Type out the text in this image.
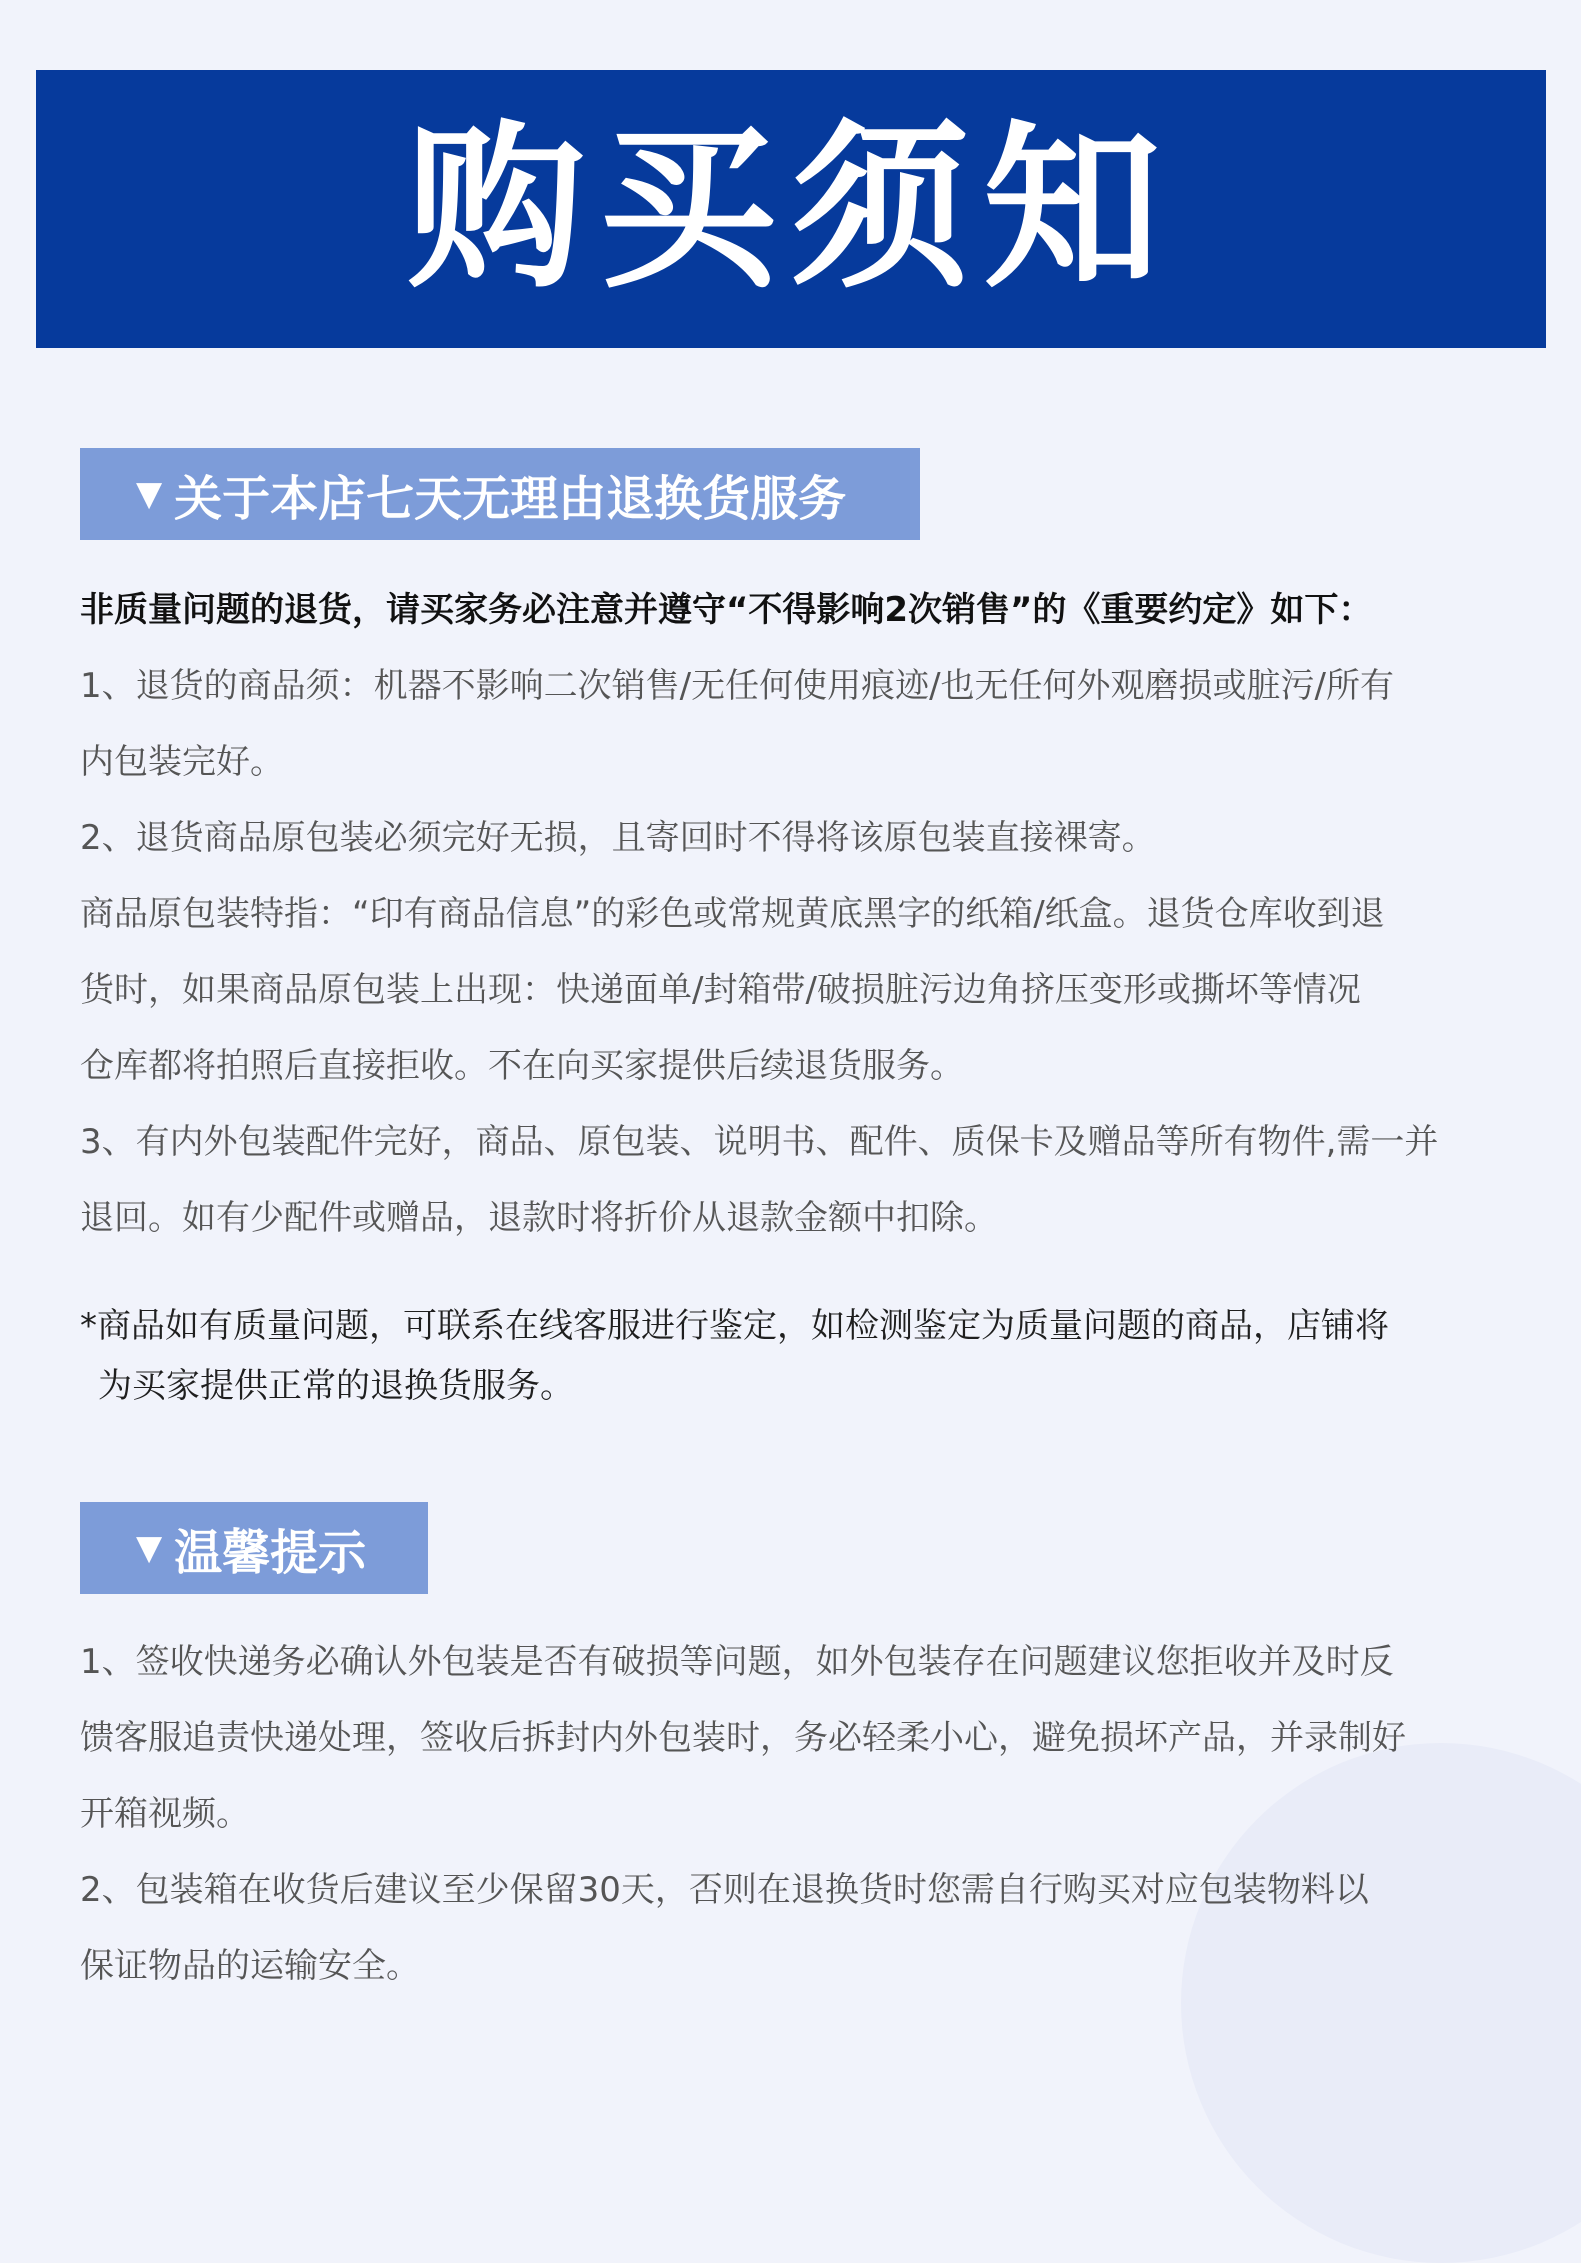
购买须知
▼ 关于本店七天无理由退换货服务

非质量问题的退货，请买家务必注意并遵守“不得影响2次销售”的《重要约定》如下：

1、退货的商品须：机器不影响二次销售/无任何使用痕迹/也无任何外观磨损或脏污/所有

内包装完好。

2、退货商品原包装必须完好无损，且寄回时不得将该原包装直接裸寄。

商品原包装特指：“印有商品信息”的彩色或常规黄底黑字的纸箱/纸盒。退货仓库收到退

货时，如果商品原包装上出现：快递面单/封箱带/破损脏污边角挤压变形或撕坏等情况

仓库都将拍照后直接拒收。不在向买家提供后续退货服务。

3、有内外包装配件完好，商品、原包装、说明书、配件、质保卡及赠品等所有物件,需一并

退回。如有少配件或赠品，退款时将折价从退款金额中扣除。

*商品如有质量问题，可联系在线客服进行鉴定，如检测鉴定为质量问题的商品，店铺将

为买家提供正常的退换货服务。

▼ 温馨提示

1、签收快递务必确认外包装是否有破损等问题，如外包装存在问题建议您拒收并及时反

馈客服追责快递处理，签收后拆封内外包装时，务必轻柔小心，避免损坏产品，并录制好

开箱视频。

2、包装箱在收货后建议至少保留30天，否则在退换货时您需自行购买对应包装物料以

保证物品的运输安全。
